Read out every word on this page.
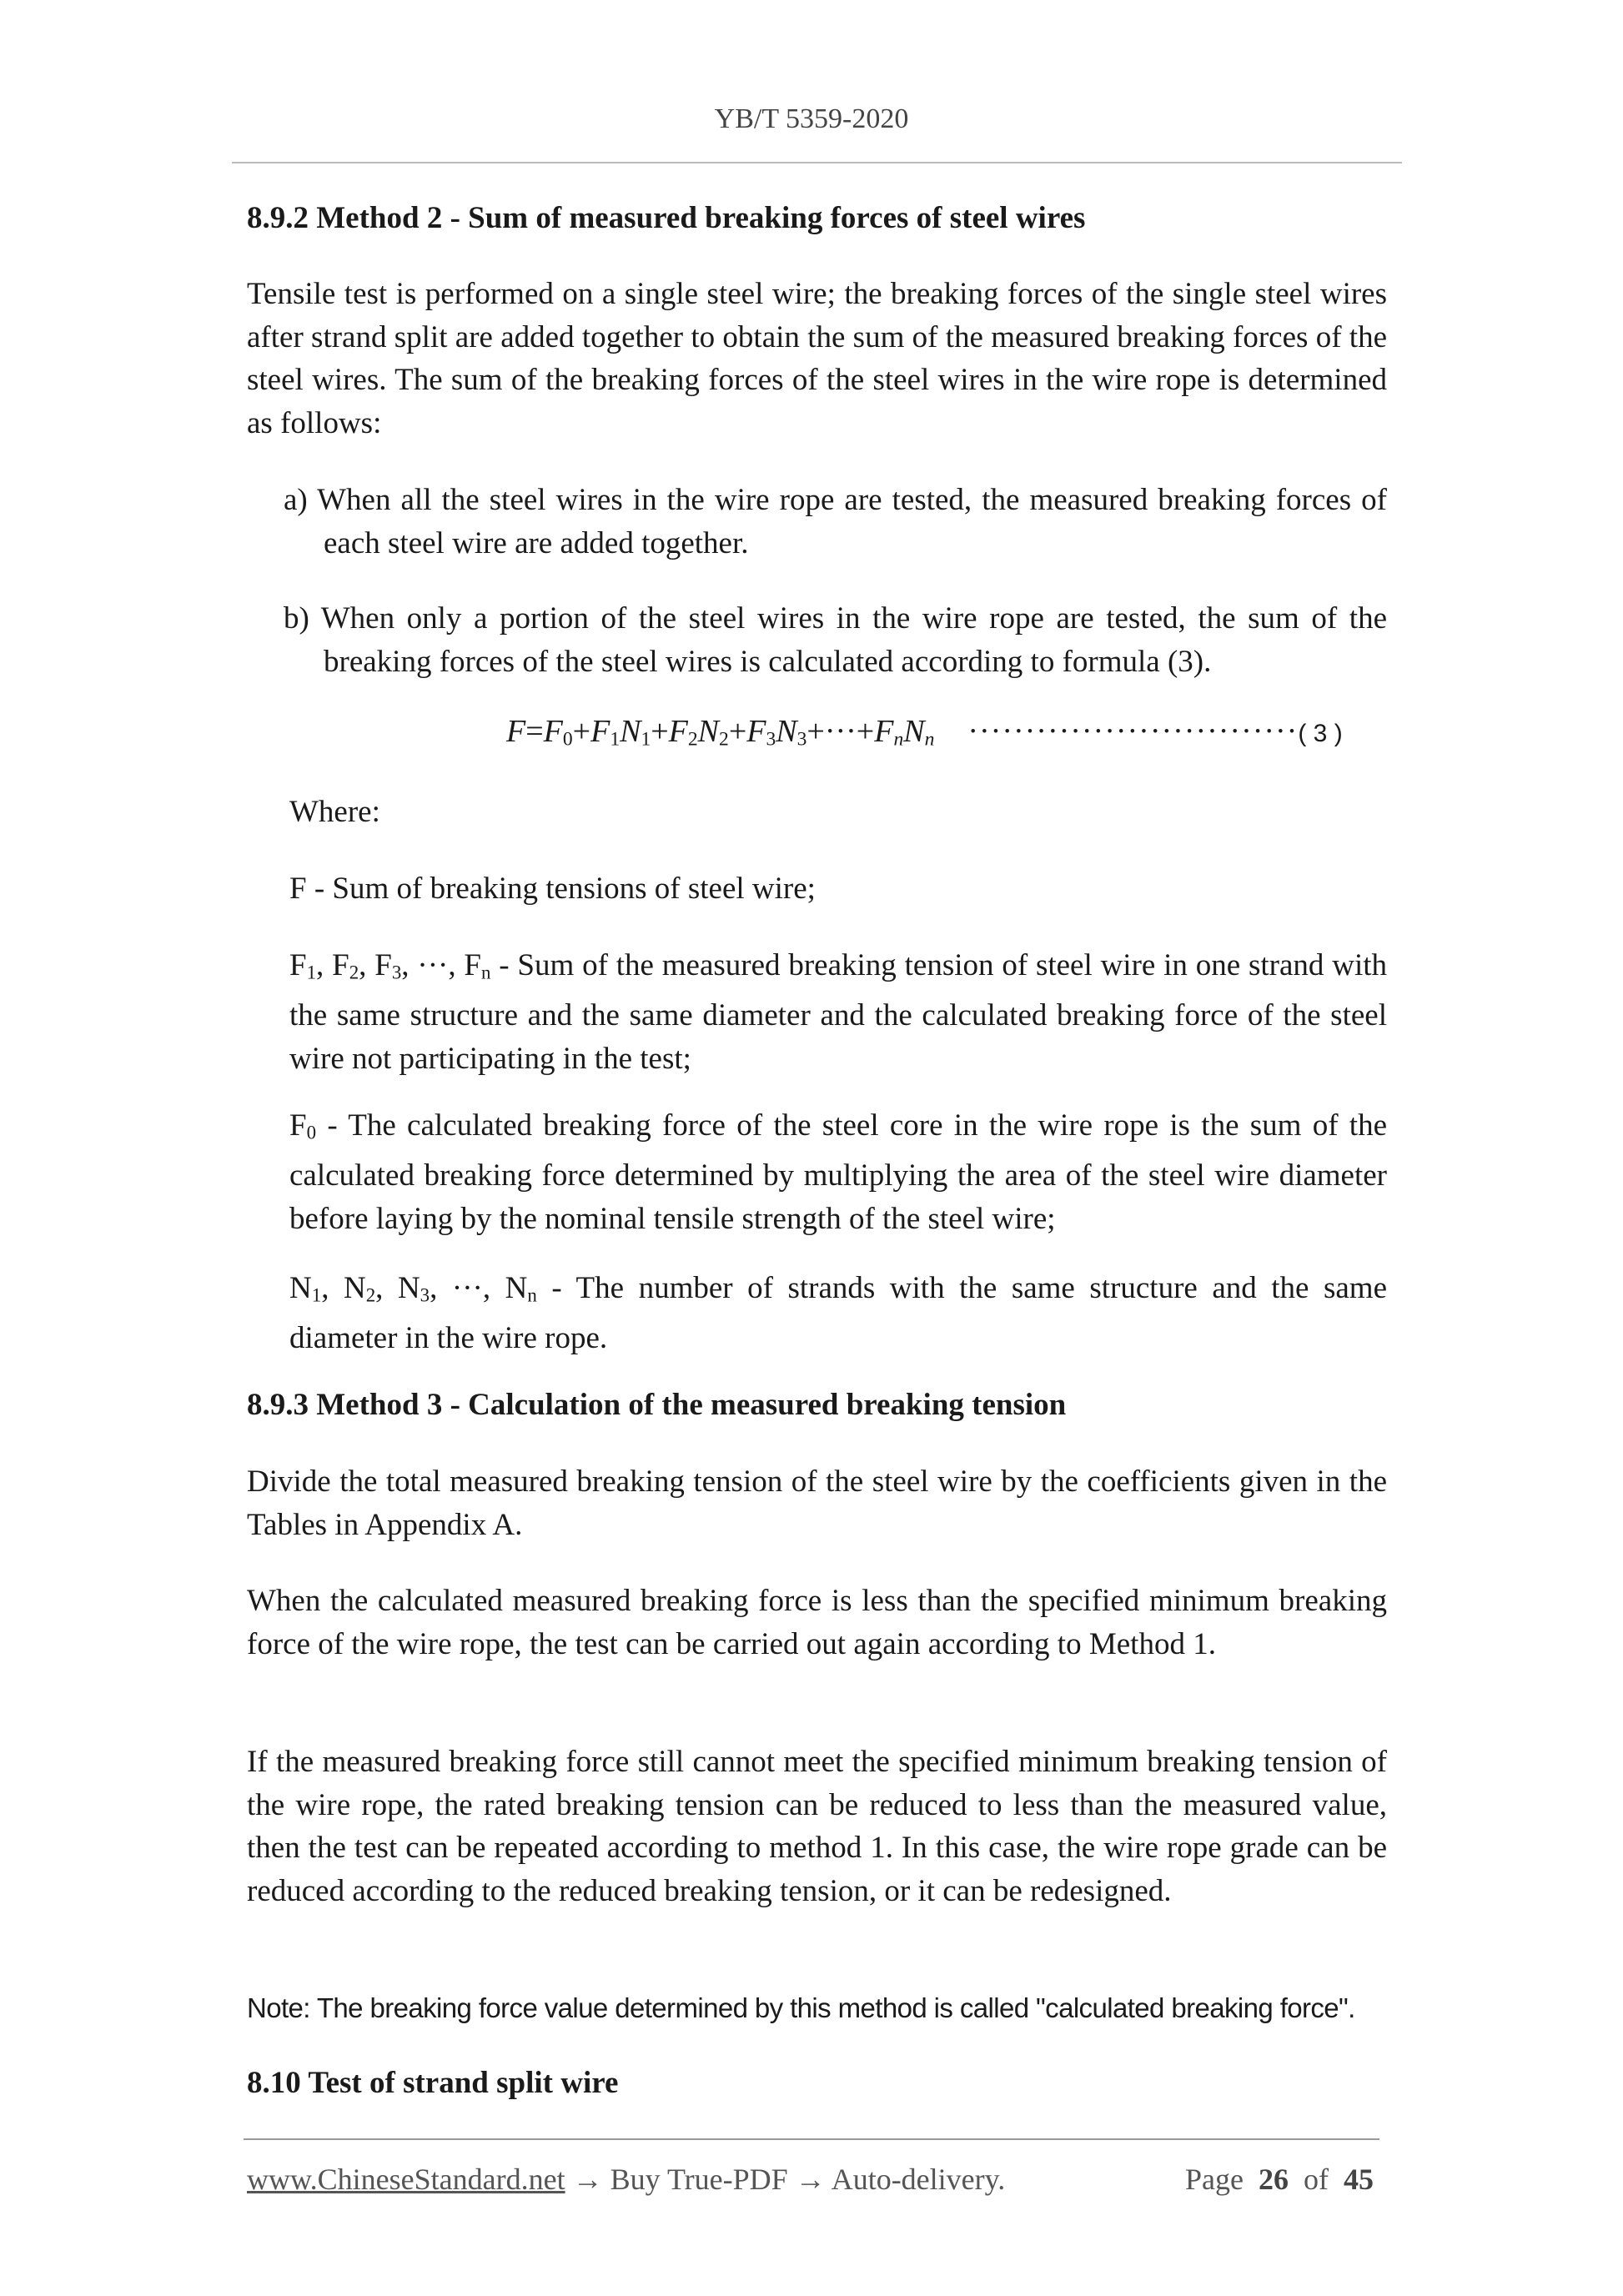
YB/T 5359-2020
8.9.2 Method 2 - Sum of measured breaking forces of steel wires
Tensile test is performed on a single steel wire; the breaking forces of the single steel wires after strand split are added together to obtain the sum of the measured breaking forces of the steel wires. The sum of the breaking forces of the steel wires in the wire rope is determined as follows:
a) When all the steel wires in the wire rope are tested, the measured breaking forces of each steel wire are added together.
b) When only a portion of the steel wires in the wire rope are tested, the sum of the breaking forces of the steel wires is calculated according to formula (3).
$F=F_0+F_1N_1+F_2N_2+F_3N_3+\cdot\cdot\cdot+F_nN_n$ ·····························( 3 )
Where:
F - Sum of breaking tensions of steel wire;
$F_1$, $F_2$, $F_3$, ···, $F_n$ - Sum of the measured breaking tension of steel wire in one strand with the same structure and the same diameter and the calculated breaking force of the steel wire not participating in the test;
$F_0$ - The calculated breaking force of the steel core in the wire rope is the sum of the calculated breaking force determined by multiplying the area of the steel wire diameter before laying by the nominal tensile strength of the steel wire;
$N_1$, $N_2$, $N_3$, ···, $N_n$ - The number of strands with the same structure and the same diameter in the wire rope.
8.9.3 Method 3 - Calculation of the measured breaking tension
Divide the total measured breaking tension of the steel wire by the coefficients given in the Tables in Appendix A.
When the calculated measured breaking force is less than the specified minimum breaking force of the wire rope, the test can be carried out again according to Method 1.
If the measured breaking force still cannot meet the specified minimum breaking tension of the wire rope, the rated breaking tension can be reduced to less than the measured value, then the test can be repeated according to method 1. In this case, the wire rope grade can be reduced according to the reduced breaking tension, or it can be redesigned.
Note: The breaking force value determined by this method is called "calculated breaking force".
8.10 Test of strand split wire
www.ChineseStandard.net → Buy True-PDF → Auto-delivery.	Page 26 of 45
